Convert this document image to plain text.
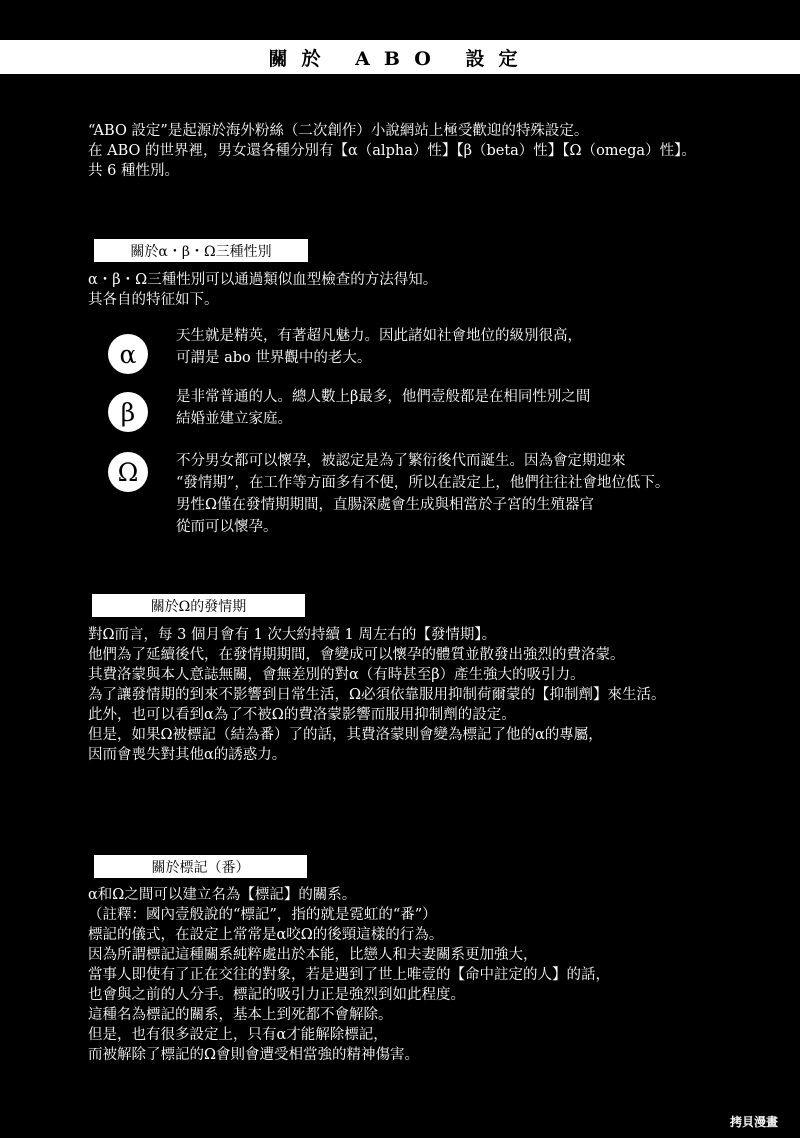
關於 ABO 設定
“ABO 設定”是起源於海外粉絲（二次創作）小說網站上極受歡迎的特殊設定。
在 ABO 的世界裡，男女還各種分別有【α（alpha）性】【β（beta）性】【Ω（omega）性】。
共 6 種性別。
關於α・β・Ω三種性別
α・β・Ω三種性別可以通過類似血型檢查的方法得知。
其各自的特征如下。
α
天生就是精英，有著超凡魅力。因此諸如社會地位的級別很高，
可謂是 abo 世界觀中的老大。
β
是非常普通的人。總人數上β最多，他們壹般都是在相同性別之間
結婚並建立家庭。
Ω	不分男女都可以懷孕，被認定是為了繁衍後代而誕生。因為會定期迎來
“發情期”，在工作等方面多有不便，所以在設定上，他們往往社會地位低下。
男性Ω僅在發情期期間，直腸深處會生成與相當於子宮的生殖器官
從而可以懷孕。
關於Ω的發情期
對Ω而言，每 3 個月會有 1 次大約持續 1 周左右的【發情期】。
他們為了延續後代，在發情期期間，會變成可以懷孕的體質並散發出強烈的費洛蒙。
其費洛蒙與本人意誌無關，會無差別的對α（有時甚至β）產生強大的吸引力。
為了讓發情期的到來不影響到日常生活，Ω必須依靠服用抑制荷爾蒙的【抑制劑】來生活。
此外，也可以看到α為了不被Ω的費洛蒙影響而服用抑制劑的設定。
但是，如果Ω被標記（結為番）了的話，其費洛蒙則會變為標記了他的α的專屬，
因而會喪失對其他α的誘惑力。
關於標記（番）
α和Ω之間可以建立名為【標記】的關系。
（註釋：國內壹般說的“標記”，指的就是霓虹的“番”）
標記的儀式，在設定上常常是α咬Ω的後頸這樣的行為。
因為所謂標記這種關系純粹處出於本能，比戀人和夫妻關系更加強大，
當事人即使有了正在交往的對象，若是遇到了世上唯壹的【命中註定的人】的話，
也會與之前的人分手。標記的吸引力正是強烈到如此程度。
這種名為標記的關系，基本上到死都不會解除。
但是，也有很多設定上，只有α才能解除標記，
而被解除了標記的Ω會則會遭受相當強的精神傷害。
拷貝漫畫
